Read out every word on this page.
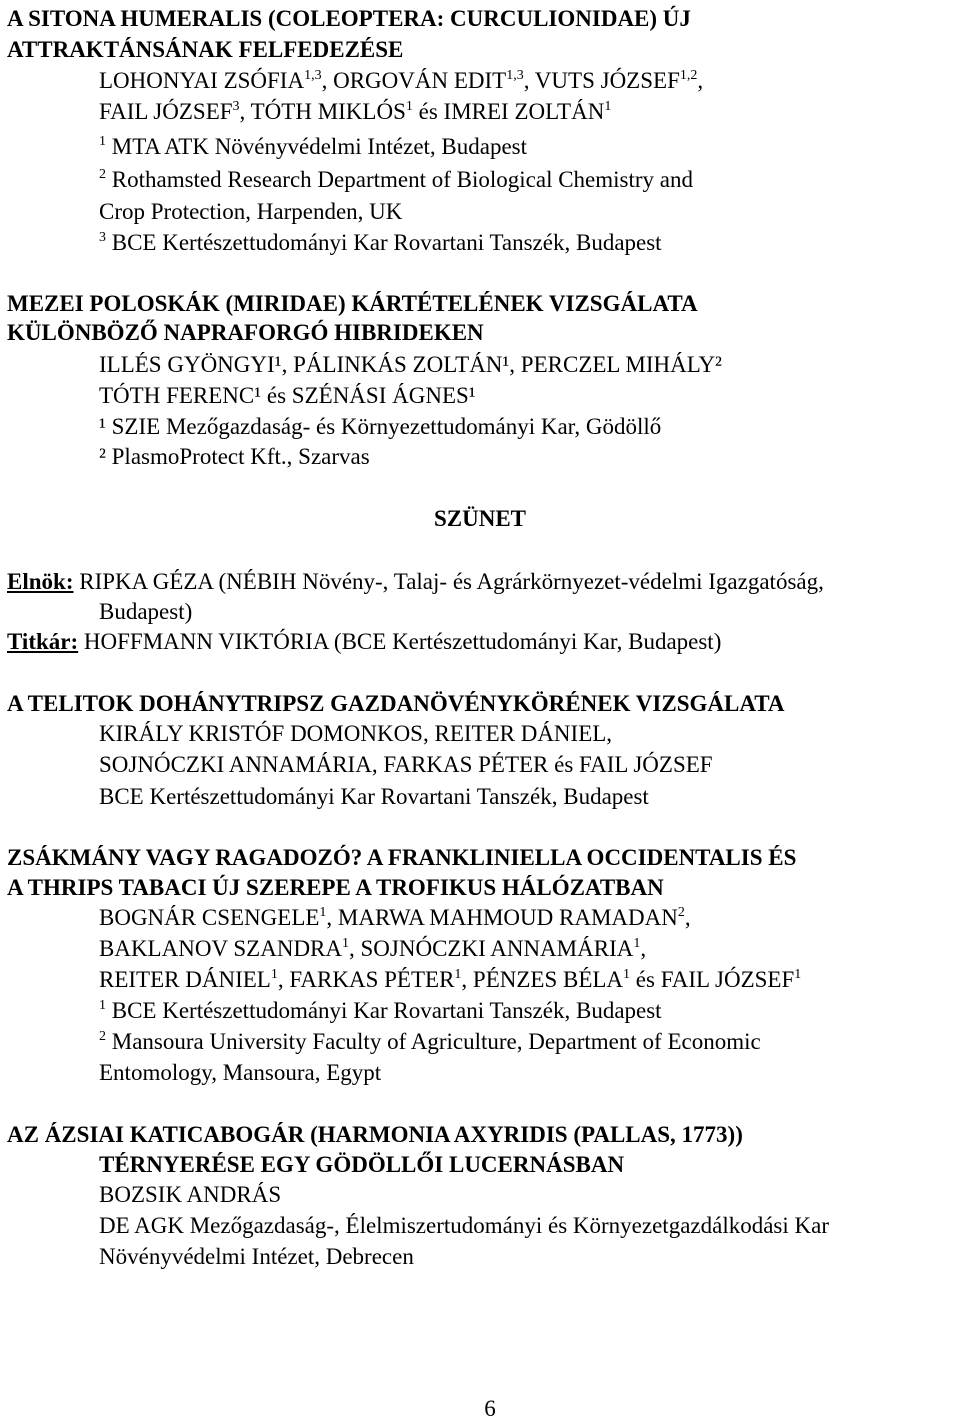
A SITONA HUMERALIS (COLEOPTERA: CURCULIONIDAE) ÚJ
ATTRAKTÁNSÁNAK FELFEDEZÉSE
LOHONYAI ZSÓFIA$^{1,3}$, ORGOVÁN EDIT$^{1,3}$, VUTS JÓZSEF$^{1,2}$,
FAIL JÓZSEF$^3$, TÓTH MIKLÓS$^1$ és IMREI ZOLTÁN$^1$
$^1$ MTA ATK Növényvédelmi Intézet, Budapest
$^2$ Rothamsted Research Department of Biological Chemistry and
Crop Protection, Harpenden, UK
$^3$ BCE Kertészettudományi Kar Rovartani Tanszék, Budapest
MEZEI POLOSKÁK (MIRIDAE) KÁRTÉTELÉNEK VIZSGÁLATA
KÜLÖNBÖZŐ NAPRAFORGÓ HIBRIDEKEN
ILLÉS GYÖNGYI¹, PÁLINKÁS ZOLTÁN¹, PERCZEL MIHÁLY²
TÓTH FERENC¹ és SZÉNÁSI ÁGNES¹
¹ SZIE Mezőgazdaság- és Környezettudományi Kar, Gödöllő
² PlasmoProtect Kft., Szarvas
SZÜNET
Elnök: RIPKA GÉZA (NÉBIH Növény-, Talaj- és Agrárkörnyezet-védelmi Igazgatóság,
Budapest)
Titkár: HOFFMANN VIKTÓRIA (BCE Kertészettudományi Kar, Budapest)
A TELITOK DOHÁNYTRIPSZ GAZDANÖVÉNYKÖRÉNEK VIZSGÁLATA
KIRÁLY KRISTÓF DOMONKOS, REITER DÁNIEL,
SOJNÓCZKI ANNAMÁRIA, FARKAS PÉTER és FAIL JÓZSEF
BCE Kertészettudományi Kar Rovartani Tanszék, Budapest
ZSÁKMÁNY VAGY RAGADOZÓ? A FRANKLINIELLA OCCIDENTALIS ÉS
A THRIPS TABACI ÚJ SZEREPE A TROFIKUS HÁLÓZATBAN
BOGNÁR CSENGELE$^1$, MARWA MAHMOUD RAMADAN$^2$,
BAKLANOV SZANDRA$^1$, SOJNÓCZKI ANNAMÁRIA$^1$,
REITER DÁNIEL$^1$, FARKAS PÉTER$^1$, PÉNZES BÉLA$^1$ és FAIL JÓZSEF$^1$
$^1$ BCE Kertészettudományi Kar Rovartani Tanszék, Budapest
$^2$ Mansoura University Faculty of Agriculture, Department of Economic
Entomology, Mansoura, Egypt
AZ ÁZSIAI KATICABOGÁR (HARMONIA AXYRIDIS (PALLAS, 1773))
TÉRNYERÉSE EGY GÖDÖLLŐI LUCERNÁSBAN
BOZSIK ANDRÁS
DE AGK Mezőgazdaság-, Élelmiszertudományi és Környezetgazdálkodási Kar
Növényvédelmi Intézet, Debrecen
6
